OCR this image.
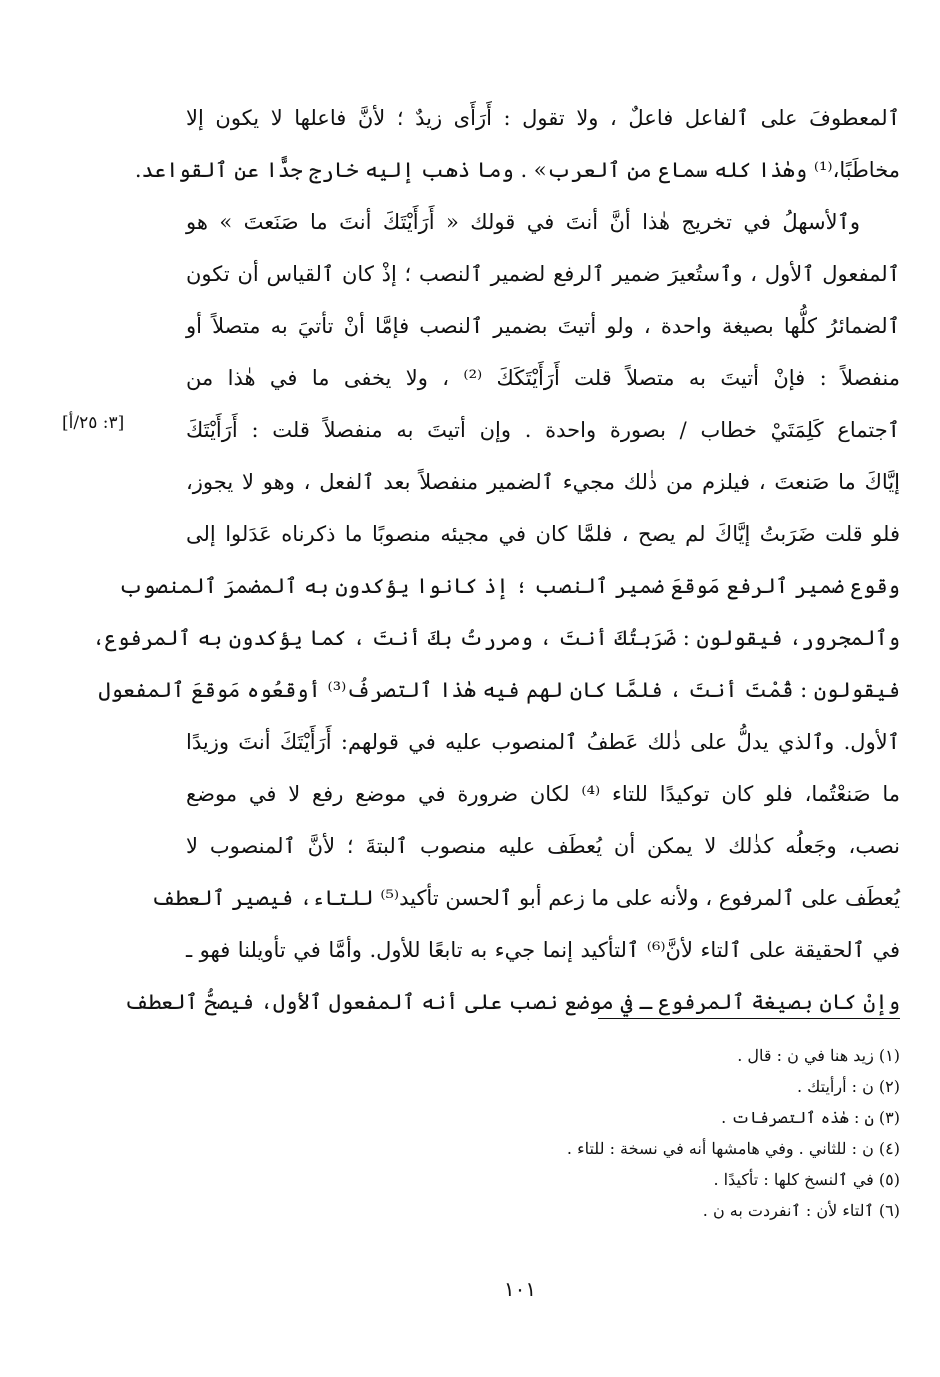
ٱلمعطوفَ على ٱلفاعل فاعلٌ ، ولا تقول : أَرَأَى زيدٌ ؛ لأنَّ فاعلها لا يكون إلا
مخاطَبًا،⁽¹⁾ وهٰذا كله سماع من ٱلعرب» . وما ذهب إليه خارج جدًّا عن ٱلقواعد.
وٱلأسهلُ في تخريج هٰذا أنَّ أنتَ في قولك « أَرَأَيْتَكَ أنتَ ما صَنَعتَ » هو
ٱلمفعول ٱلأول ، وٱستُعيرَ ضمير ٱلرفع لضمير ٱلنصب ؛ إذْ كان ٱلقياس أن تكون
ٱلضمائرُ كلُّها بصيغة واحدة ، ولو أتيتَ بضمير ٱلنصب فإمَّا أنْ تأتيَ به متصلاً أو
منفصلاً : فإنْ أتيتَ به متصلاً قلت أَرَأَيْتَكَكَ ⁽²⁾ ، ولا يخفى ما في هٰذا من
ٱجتماع كَلِمَتَيْ خطاب / بصورة واحدة . وإن أتيتَ به منفصلاً قلت : أَرَأَيْتَكَ
إيَّاكَ ما صَنعتَ ، فيلزم من ذٰلك مجيء ٱلضمير منفصلاً بعد ٱلفعل ، وهو لا يجوز،
فلو قلت ضَرَبتُ إيَّاكَ لم يصح ، فلمَّا كان في مجيئه منصوبًا ما ذكرناه عَدَلوا إلى
وقوع ضمير ٱلرفع مَوقعَ ضمير ٱلنصب ؛ إذ كانوا يؤكدون به ٱلمضمرَ ٱلمنصوب
وٱلمجرور، فيقولون : ضَرَبتُكَ أنتَ ، ومررتُ بكَ أنتَ ، كما يؤكدون به ٱلمرفوع،
فيقولون : قُمْتَ أنتَ ، فلمَّا كان لهم فيه هٰذا ٱلتصرفُ⁽³⁾ أوقعُوه مَوقعَ ٱلمفعول
ٱلأول. وٱلذي يدلُّ على ذٰلك عَطفُ ٱلمنصوب عليه في قولهم: أَرَأَيْتَكَ أنتَ وزيدًا
ما صَنعْتُما، فلو كان توكيدًا للتاء ⁽⁴⁾ لكان ضرورة في موضع رفع لا في موضع
نصب، وجَعلُه كذٰلك لا يمكن أن يُعطَف عليه منصوب ٱلبتةَ ؛ لأنَّ ٱلمنصوب لا
يُعطَف على ٱلمرفوع ، ولأنه على ما زعم أبو ٱلحسن تأكيد⁽⁵⁾ للتاء، فيصير ٱلعطف
في ٱلحقيقة على ٱلتاء لأنَّ⁽⁶⁾ ٱلتأكيد إنما جيء به تابعًا للأول. وأمَّا في تأويلنا فهو ـ
وإنْ كان بصيغة ٱلمرفوع ـ في موضع نصب على أنه ٱلمفعول ٱلأول، فيصحُّ ٱلعطف
[٣: ٢٥/أ]
(١) زيد هنا في ن : قال .
(٢) ن : أرأيتك .
(٣) ن : هٰذه ٱلتصرفات .
(٤) ن : للثاني . وفي هامشها أنه في نسخة : للتاء .
(٥) في ٱلنسخ كلها : تأكيدًا .
(٦) ٱلتاء لأن : ٱنفردت به ن .
١٠١
